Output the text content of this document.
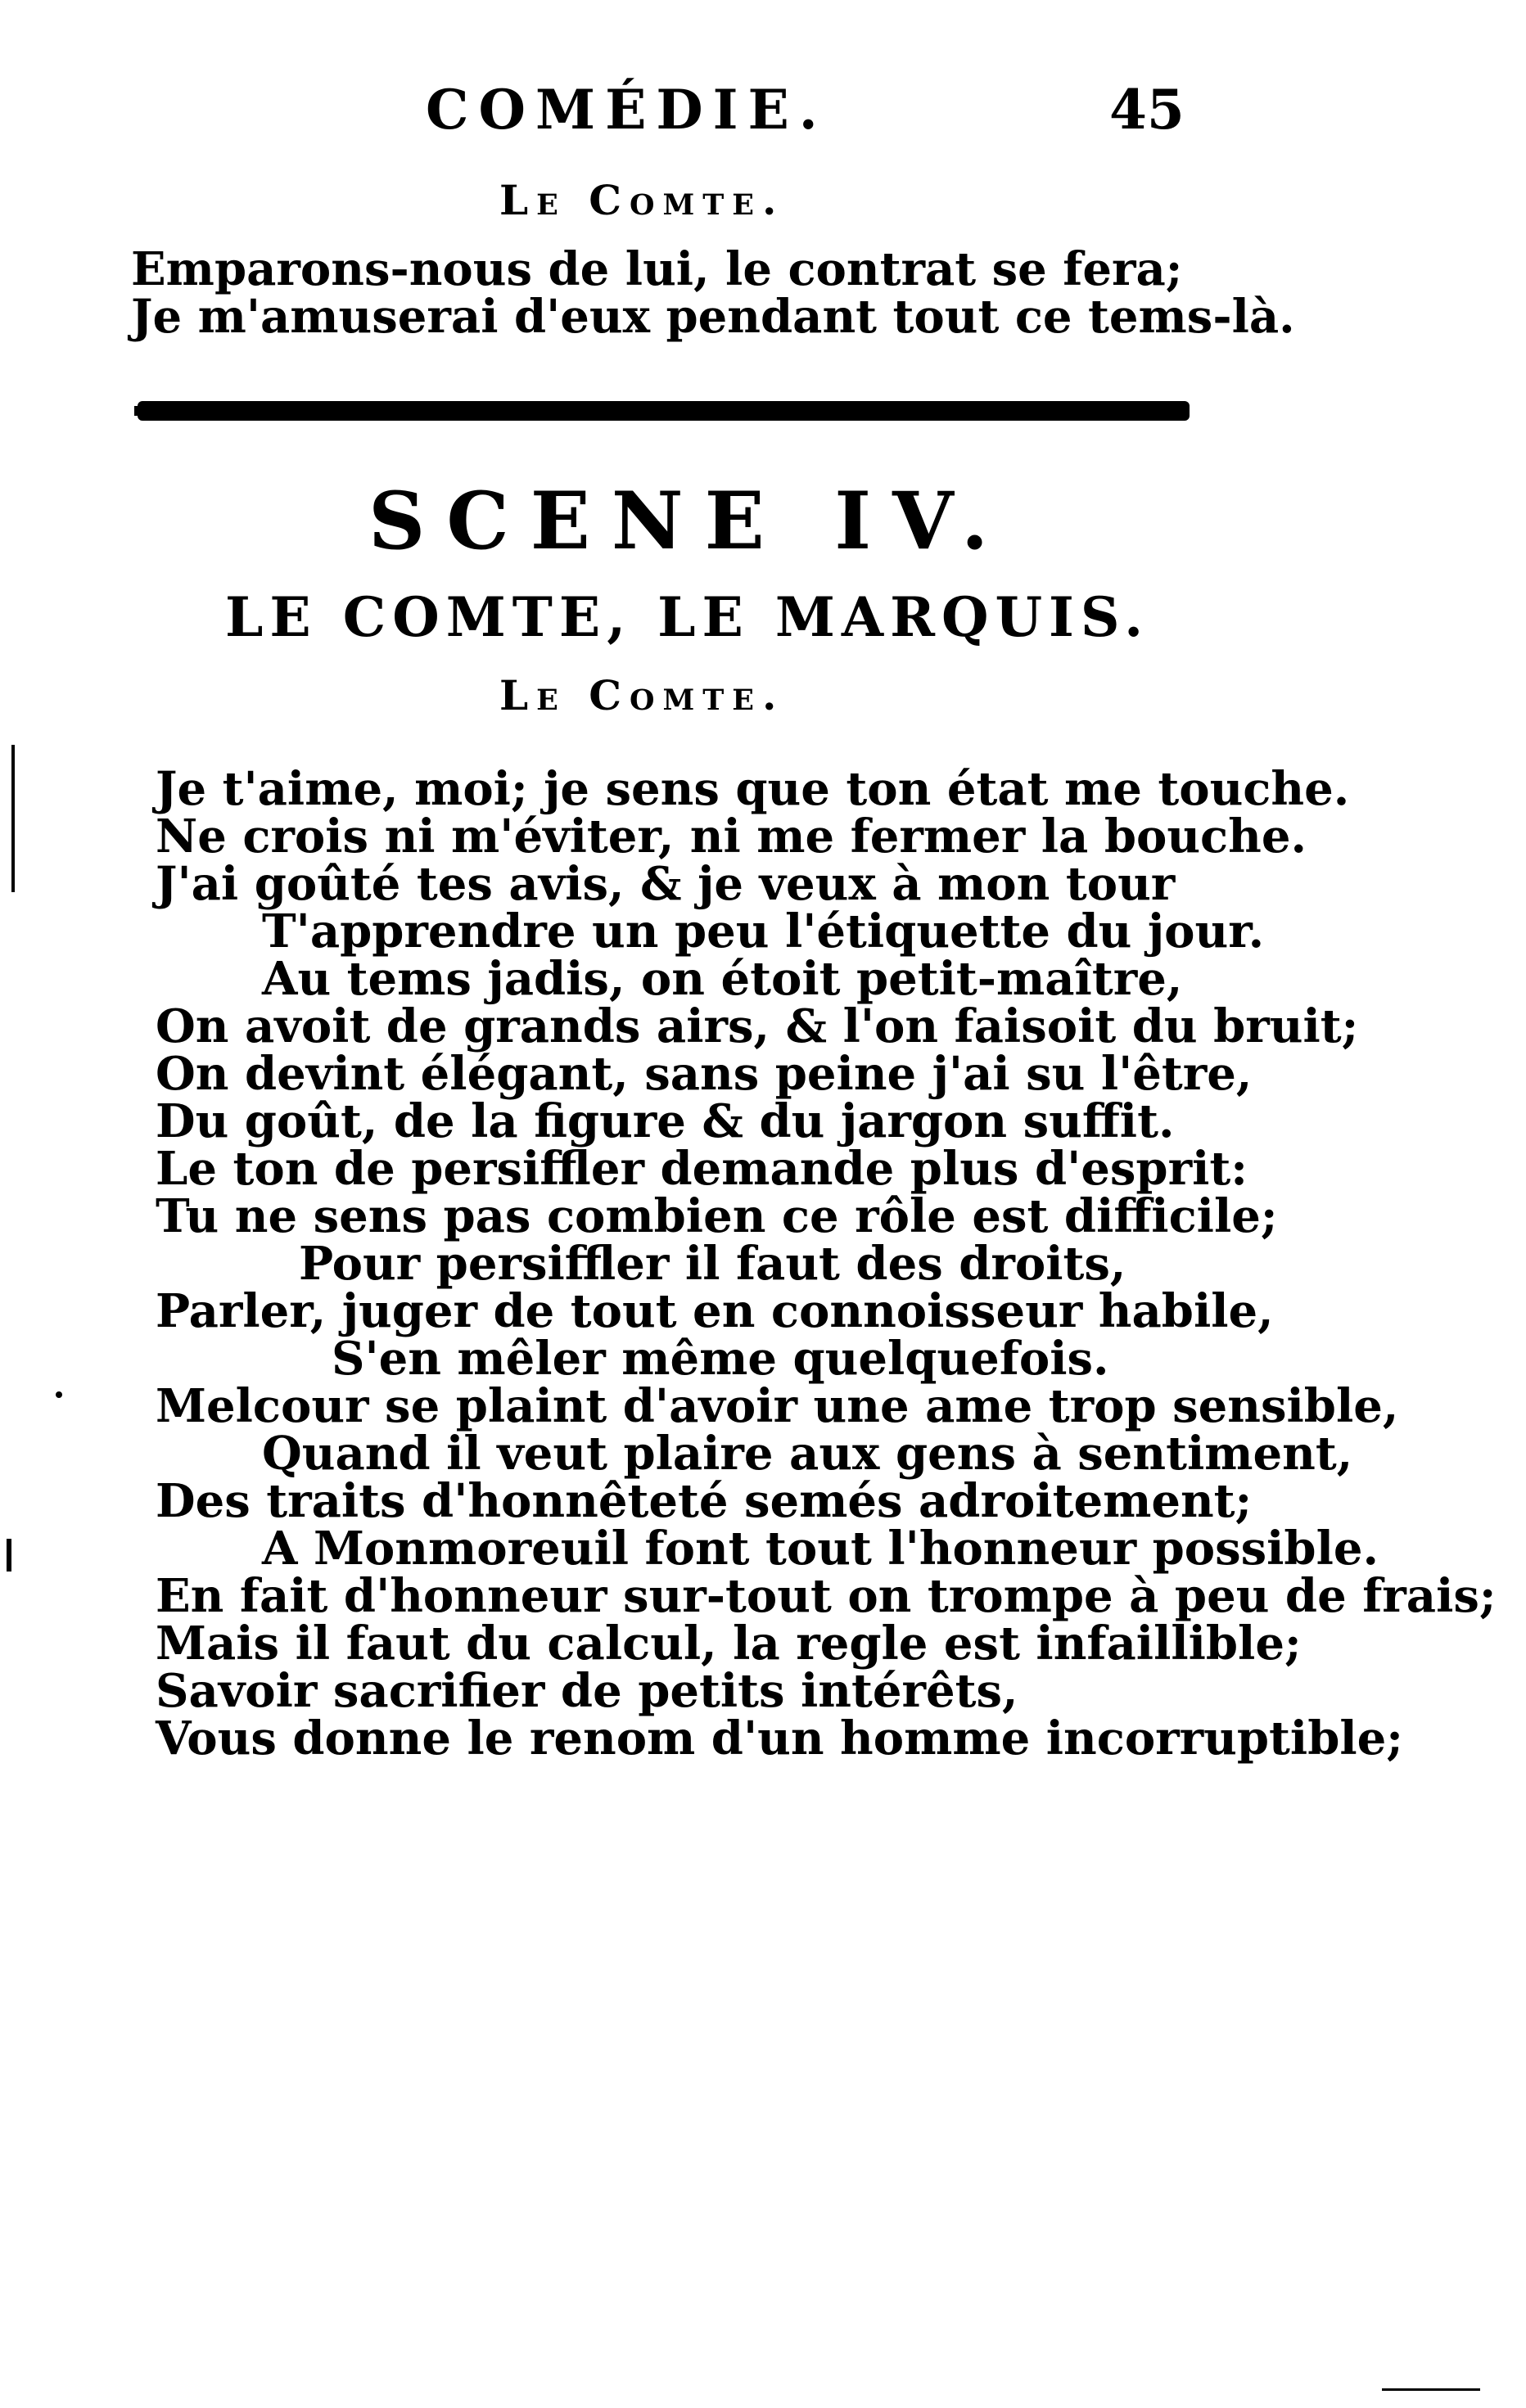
COMÉDIE.	45
Le Comte.
Emparons-nous de lui, le contrat se fera;
Je m'amuserai d'eux pendant tout ce tems-là.
SCENE IV.
LE COMTE, LE MARQUIS.
Le Comte.
Je t'aime, moi; je sens que ton état me touche.
Ne crois ni m'éviter, ni me fermer la bouche.
J'ai goûté tes avis, & je veux à mon tour
T'apprendre un peu l'étiquette du jour.
Au tems jadis, on étoit petit-maître,
On avoit de grands airs, & l'on faisoit du bruit;
On devint élégant, sans peine j'ai su l'être,
Du goût, de la figure & du jargon suffit.
Le ton de persiffler demande plus d'esprit:
Tu ne sens pas combien ce rôle est difficile;
Pour persiffler il faut des droits,
Parler, juger de tout en connoisseur habile,
S'en mêler même quelquefois.
Melcour se plaint d'avoir une ame trop sensible,
Quand il veut plaire aux gens à sentiment,
Des traits d'honnêteté semés adroitement;
A Monmoreuil font tout l'honneur possible.
En fait d'honneur sur-tout on trompe à peu de frais;
Mais il faut du calcul, la regle est infaillible;
Savoir sacrifier de petits intérêts,
Vous donne le renom d'un homme incorruptible;
